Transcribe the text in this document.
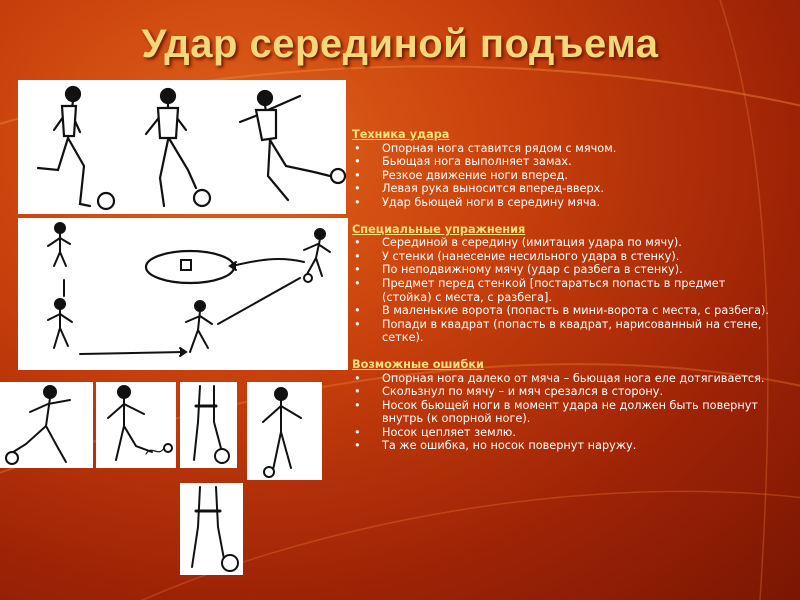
Удар серединой подъема

Техника удара

• Опорная нога ставится рядом с мячом.
• Бьющая нога выполняет замах.
• Резкое движение ноги вперед.
• Левая рука выносится вперед-вверх.
• Удар бьющей ноги в середину мяча.

Специальные упражнения

• Серединой в середину (имитация удара по мячу).
• У стенки (нанесение несильного удара в стенку).
• По неподвижному мячу (удар с разбега в стенку).
• Предмет перед стенкой [постараться попасть в предмет (стойка) с места, с разбега].
• В маленькие ворота (попасть в мини-ворота с места, с разбега).
• Попади в квадрат (попасть в квадрат, нарисованный на стене, сетке).

Возможные ошибки

• Опорная нога далеко от мяча – бьющая нога еле дотягивается.
• Скользнул по мячу – и мяч срезался в сторону.
• Носок бьющей ноги в момент удара не должен быть повернут внутрь (к опорной ноге).
• Носок цепляет землю.
• Та же ошибка, но носок повернут наружу.
